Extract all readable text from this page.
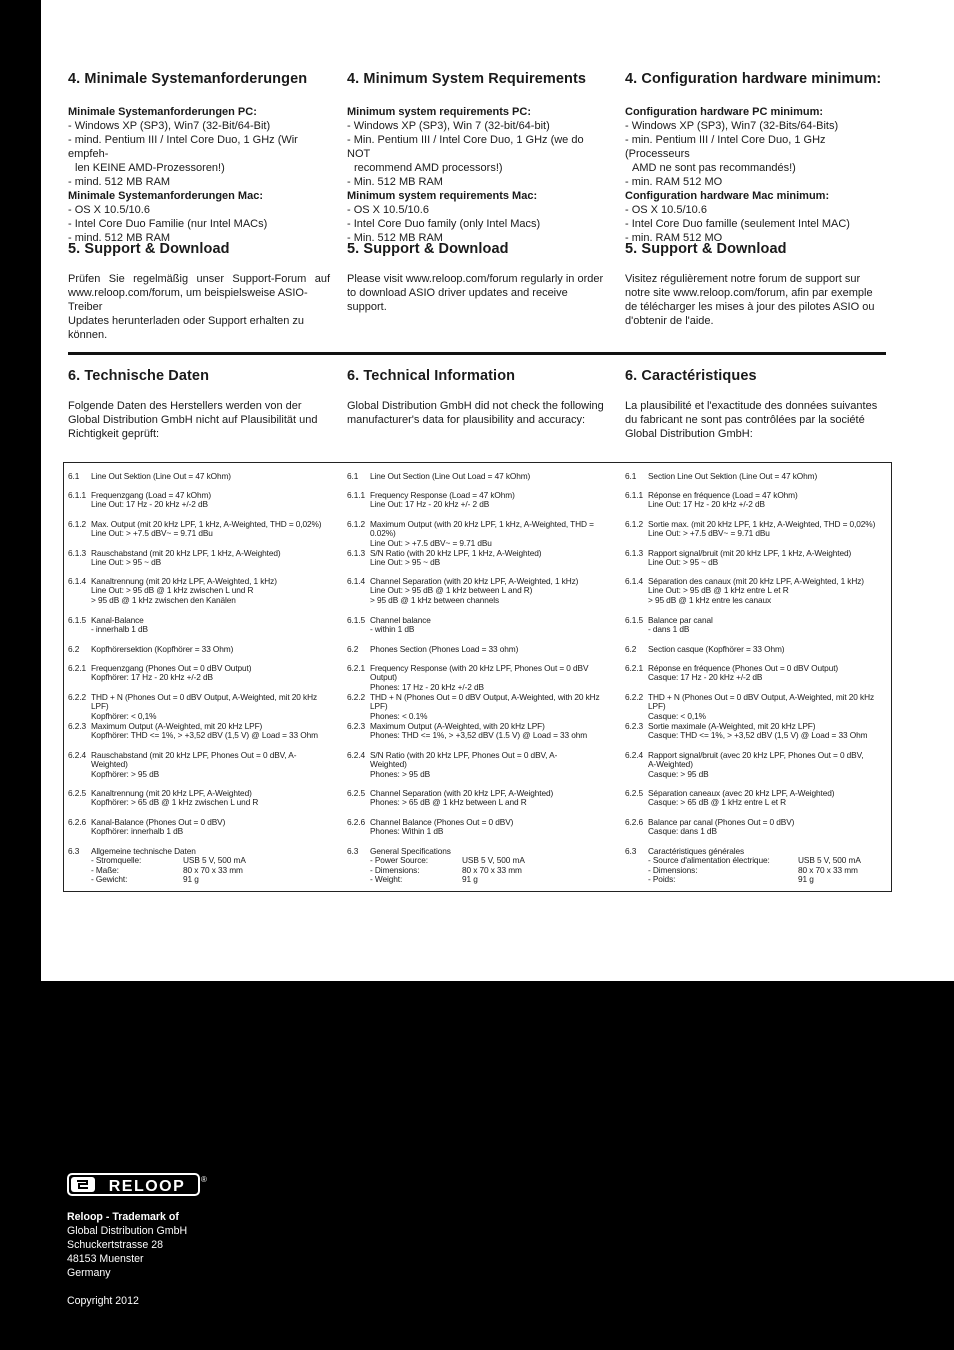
4. Minimale Systemanforderungen
Minimale Systemanforderungen PC:
- Windows XP (SP3), Win7 (32-Bit/64-Bit)
- mind. Pentium III / Intel Core Duo, 1 GHz (Wir empfeh-
len KEINE AMD-Prozessoren!)
- mind. 512 MB RAM
Minimale Systemanforderungen Mac:
- OS X 10.5/10.6
- Intel Core Duo Familie (nur Intel MACs)
- mind. 512 MB RAM
5. Support & Download
Prüfen Sie regelmäßig unser Support-Forum auf
www.reloop.com/forum, um beispielsweise ASIO-Treiber
Updates herunterladen oder Support erhalten zu können.
6. Technische Daten
Folgende Daten des Herstellers werden von der
Global Distribution GmbH nicht auf Plausibilität und
Richtigkeit geprüft:
4. Minimum System Requirements
Minimum system requirements PC:
- Windows XP (SP3), Win 7 (32-bit/64-bit)
- Min. Pentium III / Intel Core Duo, 1 GHz (we do NOT
recommend AMD processors!)
- Min. 512 MB RAM
Minimum system requirements Mac:
- OS X 10.5/10.6
- Intel Core Duo family (only Intel Macs)
- Min. 512 MB RAM
5. Support & Download
Please visit www.reloop.com/forum regularly in order
to download ASIO driver updates and receive support.
6. Technical Information
Global Distribution GmbH did not check the following
manufacturer's data for plausibility and accuracy:
4. Configuration hardware minimum:
Configuration hardware PC minimum:
- Windows XP (SP3), Win7 (32-Bits/64-Bits)
- min. Pentium III / Intel Core Duo, 1 GHz (Processeurs
AMD ne sont pas recommandés!)
- min. RAM 512 MO
Configuration hardware Mac minimum:
- OS X 10.5/10.6
- Intel Core Duo famille (seulement Intel MAC)
- min. RAM 512 MO
5. Support & Download
Visitez régulièrement notre forum de support sur
notre site www.reloop.com/forum, afin par exemple
de télécharger les mises à jour des pilotes ASIO ou
d'obtenir de l'aide.
6. Caractéristiques
La plausibilité et l'exactitude des données suivantes
du fabricant ne sont pas contrôlées par la société
Global Distribution GmbH:
6.1 Line Out Sektion (Line Out = 47 kOhm)
6.1.1 Frequenzgang (Load = 47 kOhm)
Line Out: 17 Hz - 20 kHz +/-2 dB
6.1.2 Max. Output (mit 20 kHz LPF, 1 kHz, A-Weighted, THD = 0,02%)
Line Out: > +7.5 dBV~ = 9.71 dBu
6.1.3 Rauschabstand (mit 20 kHz LPF, 1 kHz, A-Weighted)
Line Out: > 95 ~ dB
6.1.4 Kanaltrennung (mit 20 kHz LPF, A-Weighted, 1 kHz)
Line Out: > 95 dB @ 1 kHz zwischen L und R
> 95 dB @ 1 kHz zwischen den Kanälen
6.1.5 Kanal-Balance
- innerhalb 1 dB
6.2 Kopfhörersektion (Kopfhörer = 33 Ohm)
6.2.1 Frequenzgang (Phones Out = 0 dBV Output)
Kopfhörer: 17 Hz - 20 kHz +/-2 dB
6.2.2 THD + N (Phones Out = 0 dBV Output, A-Weighted, mit 20 kHz LPF)
Kopfhörer: < 0,1%
6.2.3 Maximum Output (A-Weighted, mit 20 kHz LPF)
Kopfhörer: THD <= 1%, > +3,52 dBV (1,5 V) @ Load = 33 Ohm
6.2.4 Rauschabstand (mit 20 kHz LPF, Phones Out = 0 dBV, A-
Weighted)
Kopfhörer: > 95 dB
6.2.5 Kanaltrennung (mit 20 kHz LPF, A-Weighted)
Kopfhörer: > 65 dB @ 1 kHz zwischen L und R
6.2.6 Kanal-Balance (Phones Out = 0 dBV)
Kopfhörer: innerhalb 1 dB
6.3 Allgemeine technische Daten
- Stromquelle:	USB 5 V, 500 mA
- Maße:	80 x 70 x 33 mm
- Gewicht:	91 g
6.1 Line Out Section (Line Out Load = 47 kOhm)
6.1.1 Frequency Response (Load = 47 kOhm)
Line Out: 17 Hz - 20 kHz +/- 2 dB
6.1.2 Maximum Output (with 20 kHz LPF, 1 kHz, A-Weighted, THD = 0.02%)
Line Out: > +7.5 dBV~ = 9.71 dBu
6.1.3 S/N Ratio (with 20 kHz LPF, 1 kHz, A-Weighted)
Line Out: > 95 ~ dB
6.1.4 Channel Separation (with 20 kHz LPF, A-Weighted, 1 kHz)
Line Out: > 95 dB @ 1 kHz between L and R)
> 95 dB @ 1 kHz between channels
6.1.5 Channel balance
- within 1 dB
6.2 Phones Section (Phones Load = 33 ohm)
6.2.1 Frequency Response (with 20 kHz LPF, Phones Out = 0 dBV Output)
Phones: 17 Hz - 20 kHz +/-2 dB
6.2.2 THD + N (Phones Out = 0 dBV Output, A-Weighted, with 20 kHz LPF)
Phones: < 0.1%
6.2.3 Maximum Output (A-Weighted, with 20 kHz LPF)
Phones: THD <= 1%, > +3,52 dBV (1.5 V) @ Load = 33 ohm
6.2.4 S/N Ratio (with 20 kHz LPF, Phones Out = 0 dBV, A-
Weighted)
Phones: > 95 dB
6.2.5 Channel Separation (with 20 kHz LPF, A-Weighted)
Phones: > 65 dB @ 1 kHz between L and R
6.2.6 Channel Balance (Phones Out = 0 dBV)
Phones: Within 1 dB
6.3 General Specifications
- Power Source:	USB 5 V, 500 mA
- Dimensions:	80 x 70 x 33 mm
- Weight:	91 g
6.1 Section Line Out Sektion (Line Out = 47 kOhm)
6.1.1 Réponse en fréquence (Load = 47 kOhm)
Line Out: 17 Hz - 20 kHz +/-2 dB
6.1.2 Sortie max. (mit 20 kHz LPF, 1 kHz, A-Weighted, THD = 0,02%)
Line Out: > +7.5 dBV~ = 9.71 dBu
6.1.3 Rapport signal/bruit (mit 20 kHz LPF, 1 kHz, A-Weighted)
Line Out: > 95 ~ dB
6.1.4 Séparation des canaux (mit 20 kHz LPF, A-Weighted, 1 kHz)
Line Out: > 95 dB @ 1 kHz entre L et R
> 95 dB @ 1 kHz entre les canaux
6.1.5 Balance par canal
- dans 1 dB
6.2 Section casque (Kopfhörer = 33 Ohm)
6.2.1 Réponse en fréquence (Phones Out = 0 dBV Output)
Casque: 17 Hz - 20 kHz +/-2 dB
6.2.2 THD + N (Phones Out = 0 dBV Output, A-Weighted, mit 20 kHz LPF)
Casque: < 0,1%
6.2.3 Sortie maximale (A-Weighted, mit 20 kHz LPF)
Casque: THD <= 1%, > +3,52 dBV (1,5 V) @ Load = 33 Ohm
6.2.4 Rapport signal/bruit (avec 20 kHz LPF, Phones Out = 0 dBV,
A-Weighted)
Casque: > 95 dB
6.2.5 Séparation caneaux (avec 20 kHz LPF, A-Weighted)
Casque: > 65 dB @ 1 kHz entre L et R
6.2.6 Balance par canal (Phones Out = 0 dBV)
Casque: dans 1 dB
6.3 Caractéristiques générales
- Source d'alimentation électrique:	USB 5 V, 500 mA
- Dimensions:	80 x 70 x 33 mm
- Poids:	91 g
RELOOP ®
Reloop - Trademark of
Global Distribution GmbH
Schuckertstrasse 28
48153 Muenster
Germany
Copyright 2012
